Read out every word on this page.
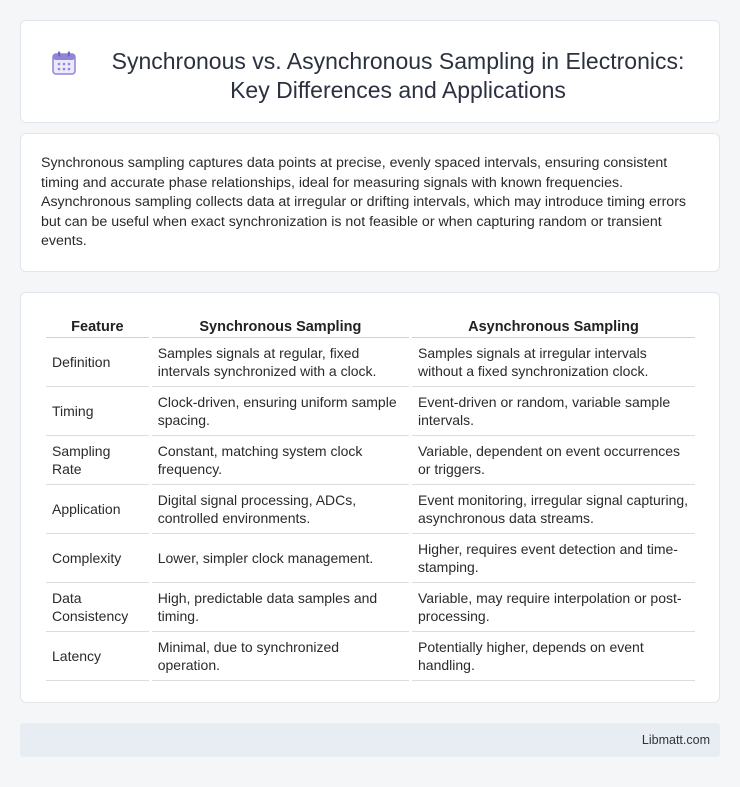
Synchronous vs. Asynchronous Sampling in Electronics: Key Differences and Applications

Synchronous sampling captures data points at precise, evenly spaced intervals, ensuring consistent timing and accurate phase relationships, ideal for measuring signals with known frequencies. Asynchronous sampling collects data at irregular or drifting intervals, which may introduce timing errors but can be useful when exact synchronization is not feasible or when capturing random or transient events.

Feature	Synchronous Sampling	Asynchronous Sampling
Definition	Samples signals at regular, fixed intervals synchronized with a clock.	Samples signals at irregular intervals without a fixed synchronization clock.
Timing	Clock-driven, ensuring uniform sample spacing.	Event-driven or random, variable sample intervals.
Sampling Rate	Constant, matching system clock frequency.	Variable, dependent on event occurrences or triggers.
Application	Digital signal processing, ADCs, controlled environments.	Event monitoring, irregular signal capturing, asynchronous data streams.
Complexity	Lower, simpler clock management.	Higher, requires event detection and time-stamping.
Data Consistency	High, predictable data samples and timing.	Variable, may require interpolation or post-processing.
Latency	Minimal, due to synchronized operation.	Potentially higher, depends on event handling.
Libmatt.com
